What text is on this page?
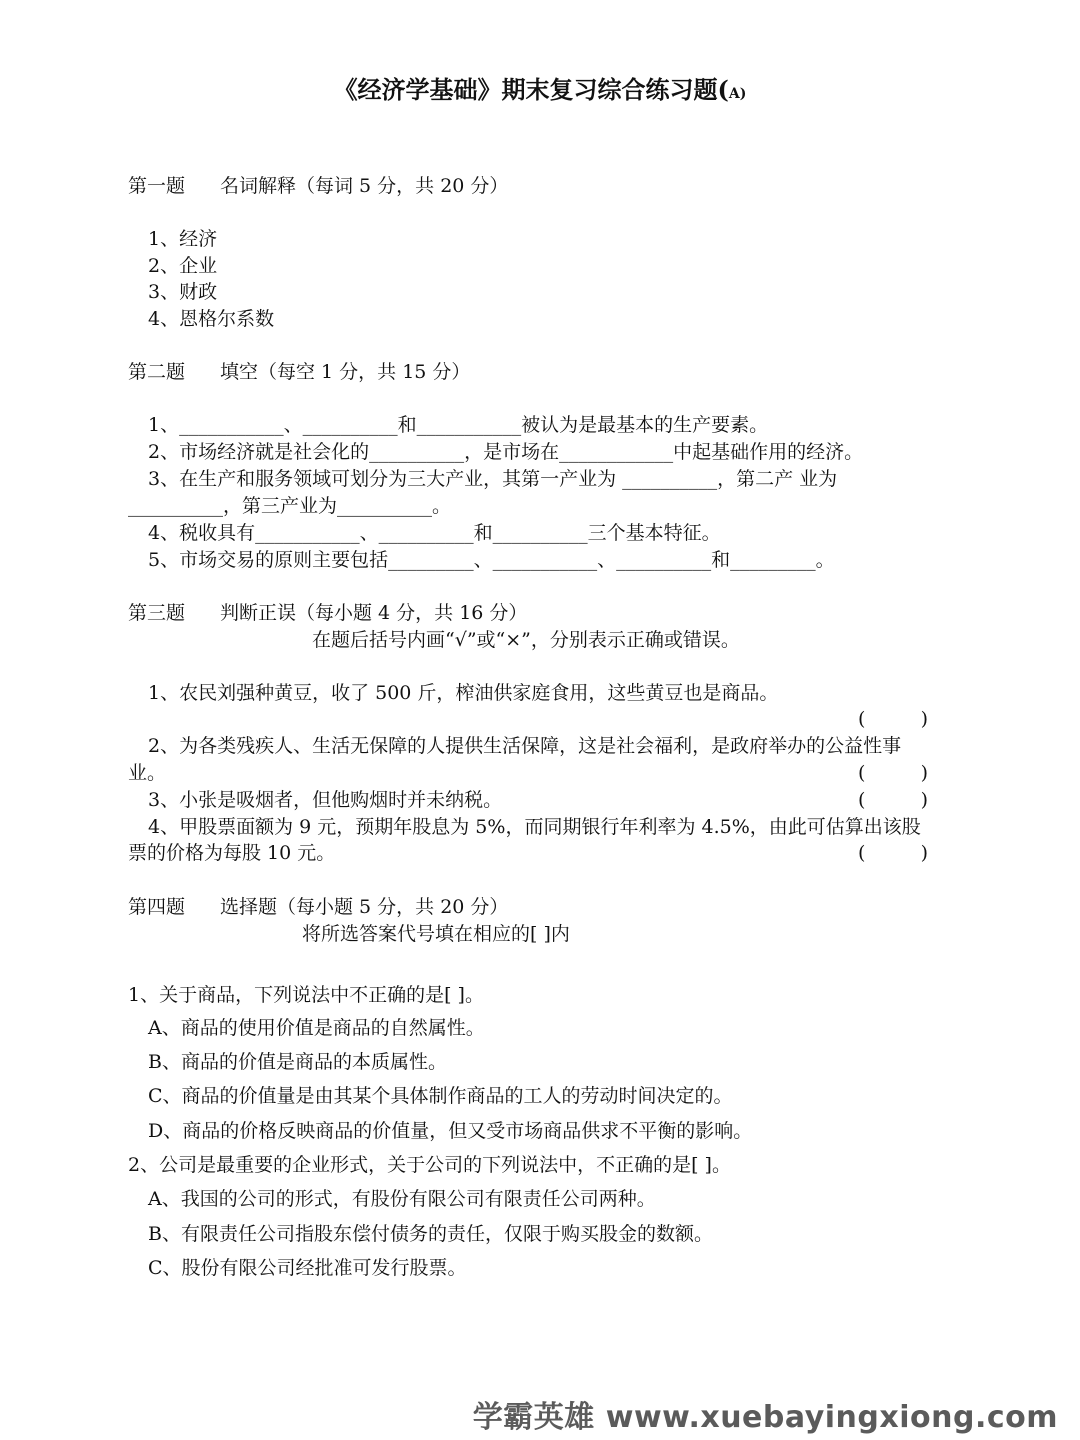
《经济学基础》期末复习综合练习题(A)
第一题 名词解释（每词 5 分，共 20 分）
1、经济
2、企业
3、财政
4、恩格尔系数
第二题 填空（每空 1 分，共 15 分）
1、___________、__________和___________被认为是最基本的生产要素。
2、市场经济就是社会化的__________，是市场在____________中起基础作用的经济。
3、在生产和服务领域可划分为三大产业，其第一产业为 __________，第二产 业为
__________，第三产业为__________。
4、税收具有___________、__________和__________三个基本特征。
5、市场交易的原则主要包括_________、___________、__________和_________。
第三题 判断正误（每小题 4 分，共 16 分）
在题后括号内画“√”或“×”，分别表示正确或错误。
1、农民刘强种黄豆，收了 500 斤，榨油供家庭食用，这些黄豆也是商品。
(	)
2、为各类残疾人、生活无保障的人提供生活保障，这是社会福利，是政府举办的公益性事
业。	(	)
3、小张是吸烟者，但他购烟时并未纳税。	(	)
4、甲股票面额为 9 元，预期年股息为 5%，而同期银行年利率为 4.5%，由此可估算出该股
票的价格为每股 10 元。	(	)
第四题 选择题（每小题 5 分，共 20 分）
将所选答案代号填在相应的[ ]内
1、关于商品，下列说法中不正确的是[ ]。
A、商品的使用价值是商品的自然属性。
B、商品的价值是商品的本质属性。
C、商品的价值量是由其某个具体制作商品的工人的劳动时间决定的。
D、商品的价格反映商品的价值量，但又受市场商品供求不平衡的影响。
2、公司是最重要的企业形式，关于公司的下列说法中，不正确的是[ ]。
A、我国的公司的形式，有股份有限公司有限责任公司两种。
B、有限责任公司指股东偿付债务的责任，仅限于购买股金的数额。
C、股份有限公司经批准可发行股票。
学霸英雄 www.xuebayingxiong.com
